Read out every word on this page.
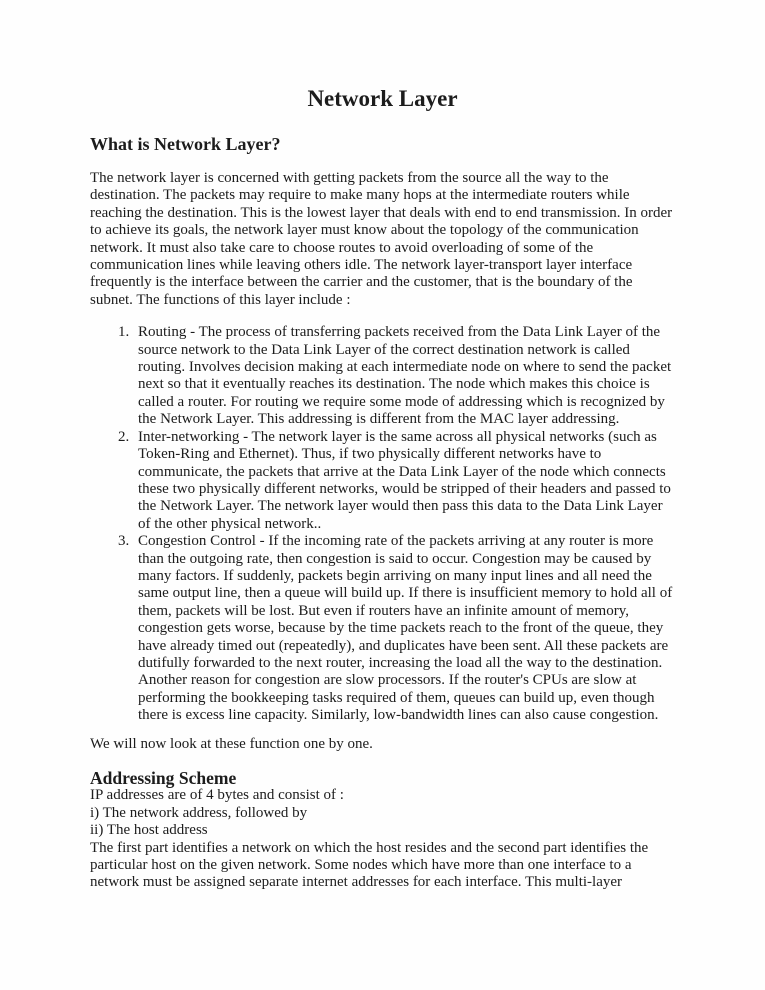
Network Layer
What is Network Layer?

The network layer is concerned with getting packets from the source all the way to the destination. The packets may require to make many hops at the intermediate routers while reaching the destination. This is the lowest layer that deals with end to end transmission. In order to achieve its goals, the network layer must know about the topology of the communication network. It must also take care to choose routes to avoid overloading of some of the communication lines while leaving others idle. The network layer-transport layer interface frequently is the interface between the carrier and the customer, that is the boundary of the subnet. The functions of this layer include :

1. Routing - The process of transferring packets received from the Data Link Layer of the source network to the Data Link Layer of the correct destination network is called routing. Involves decision making at each intermediate node on where to send the packet next so that it eventually reaches its destination. The node which makes this choice is called a router. For routing we require some mode of addressing which is recognized by the Network Layer. This addressing is different from the MAC layer addressing.
2. Inter-networking - The network layer is the same across all physical networks (such as Token-Ring and Ethernet). Thus, if two physically different networks have to communicate, the packets that arrive at the Data Link Layer of the node which connects these two physically different networks, would be stripped of their headers and passed to the Network Layer. The network layer would then pass this data to the Data Link Layer of the other physical network..
3. Congestion Control - If the incoming rate of the packets arriving at any router is more than the outgoing rate, then congestion is said to occur. Congestion may be caused by many factors. If suddenly, packets begin arriving on many input lines and all need the same output line, then a queue will build up. If there is insufficient memory to hold all of them, packets will be lost. But even if routers have an infinite amount of memory, congestion gets worse, because by the time packets reach to the front of the queue, they have already timed out (repeatedly), and duplicates have been sent. All these packets are dutifully forwarded to the next router, increasing the load all the way to the destination. Another reason for congestion are slow processors. If the router's CPUs are slow at performing the bookkeeping tasks required of them, queues can build up, even though there is excess line capacity. Similarly, low-bandwidth lines can also cause congestion.

We will now look at these function one by one.

Addressing Scheme
IP addresses are of 4 bytes and consist of :
i) The network address, followed by
ii) The host address

The first part identifies a network on which the host resides and the second part identifies the particular host on the given network. Some nodes which have more than one interface to a network must be assigned separate internet addresses for each interface. This multi-layer
